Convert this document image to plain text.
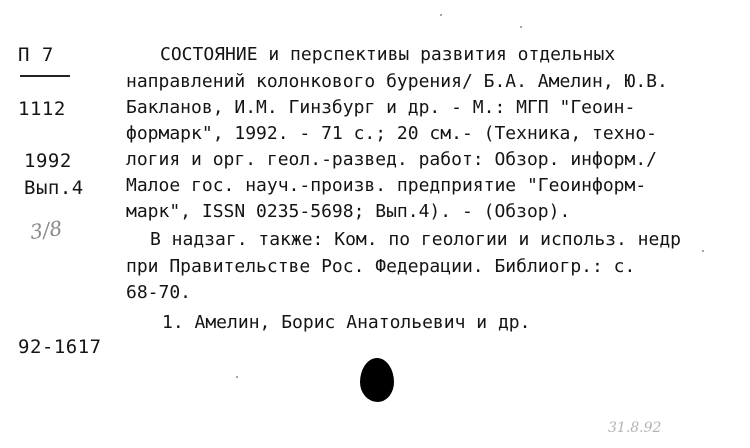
П 7
1112
1992
Вып.4
3/8
СОСТОЯНИЕ и перспективы развития отдельных
направлений колонкового бурения/ Б.А. Амелин, Ю.В.
Бакланов, И.М. Гинзбург и др. - М.: МГП "Геоин-
формарк", 1992. - 71 с.; 20 см.- (Техника, техно-
логия и орг. геол.-развед. работ: Обзор. информ./
Малое гос. науч.-произв. предприятие "Геоинформ-
марк", ISSN 0235-5698; Вып.4). - (Обзор).
В надзаг. также: Ком. по геологии и использ. недр
при Правительстве Рос. Федерации. Библиогр.: с.
68-70.
1. Амелин, Борис Анатольевич и др.
92-1617
31.8.92
